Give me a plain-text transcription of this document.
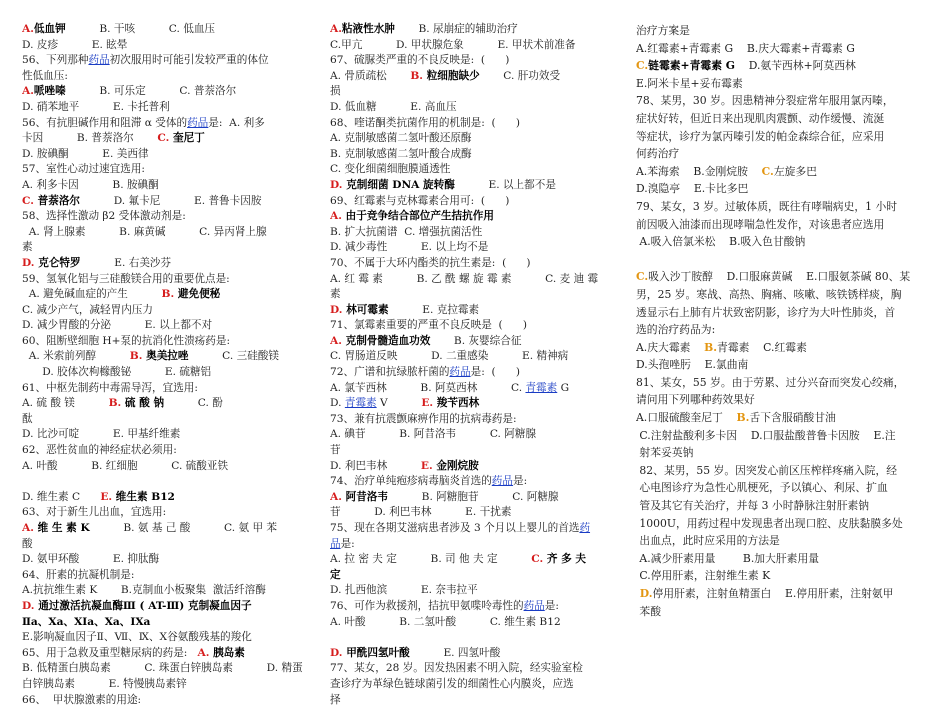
A.低血钾          B. 干咳          C. 低血压
D. 皮疹          E. 眩晕
56、下列那种药品初次服用时可能引发较严重的体位
性低血压:
A.哌唑嗪          B. 可乐定          C. 普萘洛尔
D. 硝苯地平          E. 卡托普利
56、有抗胆碱作用和阻滞 α 受体的药品是:  A. 利多
卡因          B. 普萘洛尔       C. 奎尼丁
D. 胺碘酮          E. 美西律
57、室性心动过速宜选用:
A. 利多卡因          B. 胺碘酮
C. 普萘洛尔          D. 氟卡尼          E. 普鲁卡因胺
58、选择性激动 β2 受体激动剂是:
A. 肾上腺素          B. 麻黄碱          C. 异丙肾上腺
素
D. 克仑特罗          E. 右美沙芬
59、氢氧化铝与三硅酸镁合用的重要优点是:
A. 避免碱血症的产生          B. 避免便秘
C. 减少产气，减轻胃内压力
D. 减少胃酸的分泌          E. 以上都不对
60、阻断壁细胞 H+泵的抗消化性溃疡药是:
A. 米索前列醇          B. 奥美拉唑          C. 三硅酸镁
D. 胶体次枸橼酸铋          E. 硫糖铝
61、中枢先制药中毒需导泻，宜选用:
A. 硫 酸 镁          B. 硫 酸 钠          C. 酚
酞
D. 比沙可啶          E. 甲基纤维素
62、恶性贫血的神经症状必须用:
A. 叶酸          B. 红细胞          C. 硫酸亚铁

D. 维生素 C      E. 维生素 B12
63、对于新生儿出血，宜选用:
A. 维 生 素 K          B. 氨 基 己 酸          C. 氨 甲 苯
酸
D. 氨甲环酸          E. 抑肽酶
64、肝素的抗凝机制是:
A.抗抗维生素 K       B.克制血小板聚集  激活纤溶酶
D. 通过激活抗凝血酶Ⅲ ( AT-Ⅲ) 克制凝血因子
Ⅱa、Ⅹa、ⅩⅠa、Ⅹa、ⅠⅩa
E.影响凝血因子Ⅱ、Ⅶ、Ⅸ、Ⅹ谷氨酸残基的羧化
65、用于急救及重型糖尿病的药是:   A. 胰岛素
B. 低精蛋白胰岛素          C. 珠蛋白锌胰岛素          D. 精蛋
白锌胰岛素          E. 特慢胰岛素锌
66、  甲状腺激素的用途:
A.粘液性水肿       B. 尿崩症的辅助治疗
C.甲亢          D. 甲状腺危象          E. 甲状术前准备
67、硫脲类严重的不良反映是:  (      )
A. 骨质疏松       B. 粒细胞缺少       C. 肝功效受
损
D. 低血糖          E. 高血压
68、喹诺酮类抗菌作用的机制是:  (      )
A. 克制敏感菌二氢叶酸还原酶
B. 克制敏感菌二氢叶酸合成酶
C. 变化细菌细胞膜通透性
D. 克制细菌 DNA 旋转酶          E. 以上都不是
69、红霉素与克林霉素合用可:  (      )
A. 由于竞争结合部位产生拮抗作用
B. 扩大抗菌谱  C. 增强抗菌活性
D. 减少毒性          E. 以上均不是
70、不属于大环内酯类的抗生素是:  (      )
A. 红 霉 素          B. 乙 酰 螺 旋 霉 素          C. 麦 迪 霉
素
D. 林可霉素          E. 克拉霉素
71、氯霉素重要的严重不良反映是  (      )
A. 克制骨髓造血功效       B. 灰婴综合征
C. 胃肠道反映          D. 二重感染          E. 精神病
72、广谱和抗绿脓杆菌的药品是:  (      )
A. 氯苄西林          B. 阿莫西林          C. 青霉素 G
D. 青霉素 V          E. 羧苄西林
73、兼有抗震颤麻痹作用的抗病毒药是:
A. 碘苷          B. 阿昔洛韦          C. 阿糖腺
苷
D. 利巴韦林          E. 金刚烷胺
74、治疗单纯疱疹病毒脑炎首选的药品是:
A. 阿昔洛韦          B. 阿糖胞苷          C. 阿糖腺
苷          D. 利巴韦林          E. 干扰素
75、现在各期艾滋病患者涉及 3 个月以上婴儿的首选药
品是:
A. 拉 密 夫 定          B. 司 他 夫 定          C. 齐 多 夫
定
D. 扎西他滨          E. 奈韦拉平
76、可作为救援剂，拮抗甲氨喋呤毒性的药品是:
A. 叶酸          B. 二氢叶酸          C. 维生素 B12

D. 甲酰四氢叶酸          E. 四氢叶酸
77、某女，28 岁。因发热困素不明入院，经实验室检
查诊疗为革绿色链球菌引发的细菌性心内膜炎，应选
择
治疗方案是
A.红霉素+青霉素 G    B.庆大霉素+青霉素 G
C.链霉素+青霉素 G    D.氨苄西林+阿莫西林
E.阿米卡星+妥布霉素
78、某男，30 岁。因患精神分裂症常年服用氯丙嗪，
症状好转，但近日来出现肌肉震颤、动作缓慢、流涎
等症状，诊疗为氯丙嗪引发的帕金森综合征，应采用
何药治疗
A.苯海索    B.金刚烷胺    C.左旋多巴
D.溴隐亭    E.卡比多巴
79、某女，3 岁。过敏体质，既往有哮喘病史，1 小时
前因吸入油漆而出现哮喘急性发作，对该患者应选用
A.吸入倍氯米松    B.吸入色甘酸钠

C.吸入沙丁胺醇    D.口服麻黄碱    E.口服氨茶碱 80、某
男，25 岁。寒战、高热、胸痛、咳嗽、咳铁锈样痰，胸
透显示右上肺有片状致密阴影，诊疗为大叶性肺炎，首
选的治疗药品为:
A.庆大霉素    B.青霉素    C.红霉素
D.头孢唑肟    E.氯曲南
81、某女，55 岁。由于劳累、过分兴奋而突发心绞痛，
请问用下列哪种药效果好
A.口服硫酸奎尼丁    B.舌下含服硝酸甘油
C.注射盐酸利多卡因    D.口服盐酸普鲁卡因胺    E.注
射苯妥英钠
82、某男，55 岁。因突发心前区压榨样疼痛入院，经
心电图诊疗为急性心肌梗死，予以镇心、利尿、扩血
管及其它有关治疗，并每 3 小时静脉注射肝素钠
1000U，用药过程中发现患者出现口腔、皮肤黏膜多处
出血点，此时应采用的方法是
A.减少肝素用量        B.加大肝素用量
C.停用肝素，注射维生素 K
D.停用肝素，注射鱼精蛋白    E.停用肝素，注射氨甲
苯酸
